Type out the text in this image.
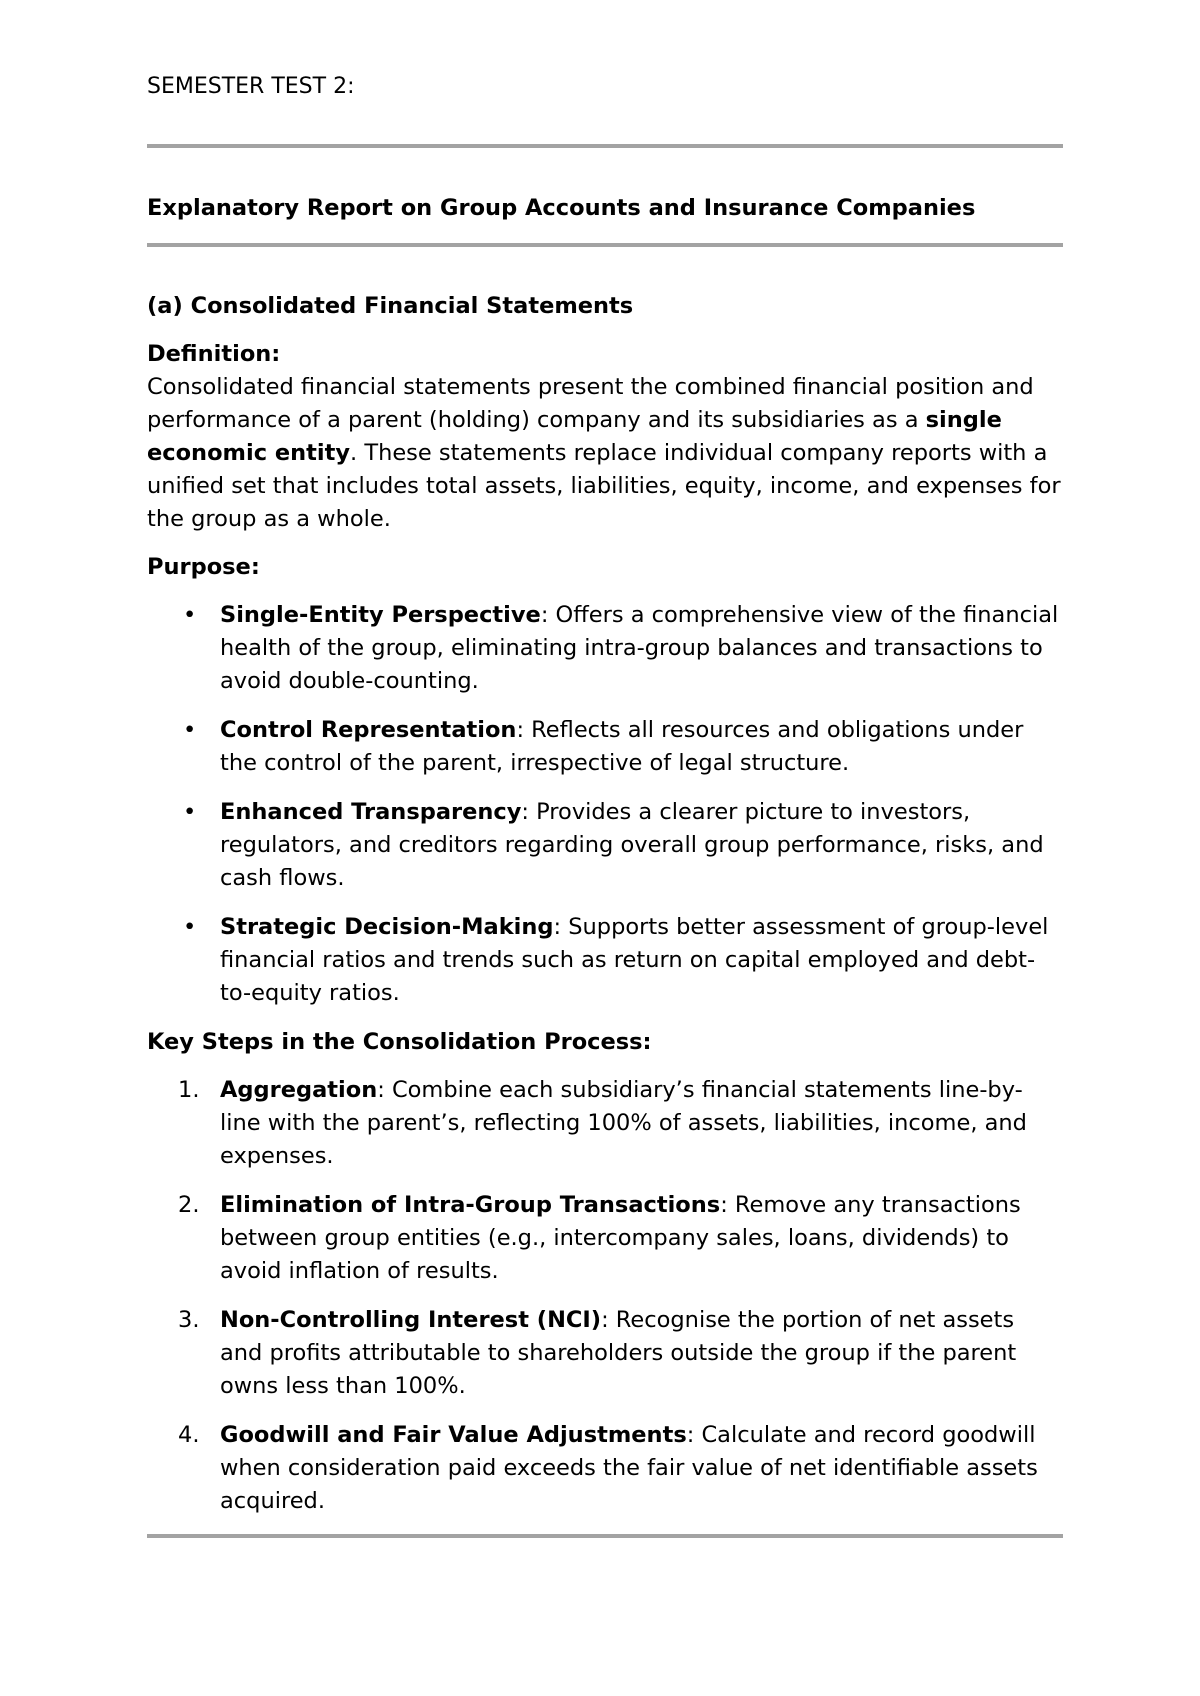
SEMESTER TEST 2:
Explanatory Report on Group Accounts and Insurance Companies
(a) Consolidated Financial Statements
Definition:

Consolidated financial statements present the combined financial position and performance of a parent (holding) company and its subsidiaries as a single economic entity. These statements replace individual company reports with a unified set that includes total assets, liabilities, equity, income, and expenses for the group as a whole.

Purpose:
• Single-Entity Perspective: Offers a comprehensive view of the financial health of the group, eliminating intra-group balances and transactions to avoid double-counting.
• Control Representation: Reflects all resources and obligations under the control of the parent, irrespective of legal structure.
• Enhanced Transparency: Provides a clearer picture to investors, regulators, and creditors regarding overall group performance, risks, and cash flows.
• Strategic Decision-Making: Supports better assessment of group-level financial ratios and trends such as return on capital employed and debt-to-equity ratios.
Key Steps in the Consolidation Process:
1. Aggregation: Combine each subsidiary’s financial statements line-by-line with the parent’s, reflecting 100% of assets, liabilities, income, and expenses.
2. Elimination of Intra-Group Transactions: Remove any transactions between group entities (e.g., intercompany sales, loans, dividends) to avoid inflation of results.
3. Non-Controlling Interest (NCI): Recognise the portion of net assets and profits attributable to shareholders outside the group if the parent owns less than 100%.
4. Goodwill and Fair Value Adjustments: Calculate and record goodwill when consideration paid exceeds the fair value of net identifiable assets acquired.
